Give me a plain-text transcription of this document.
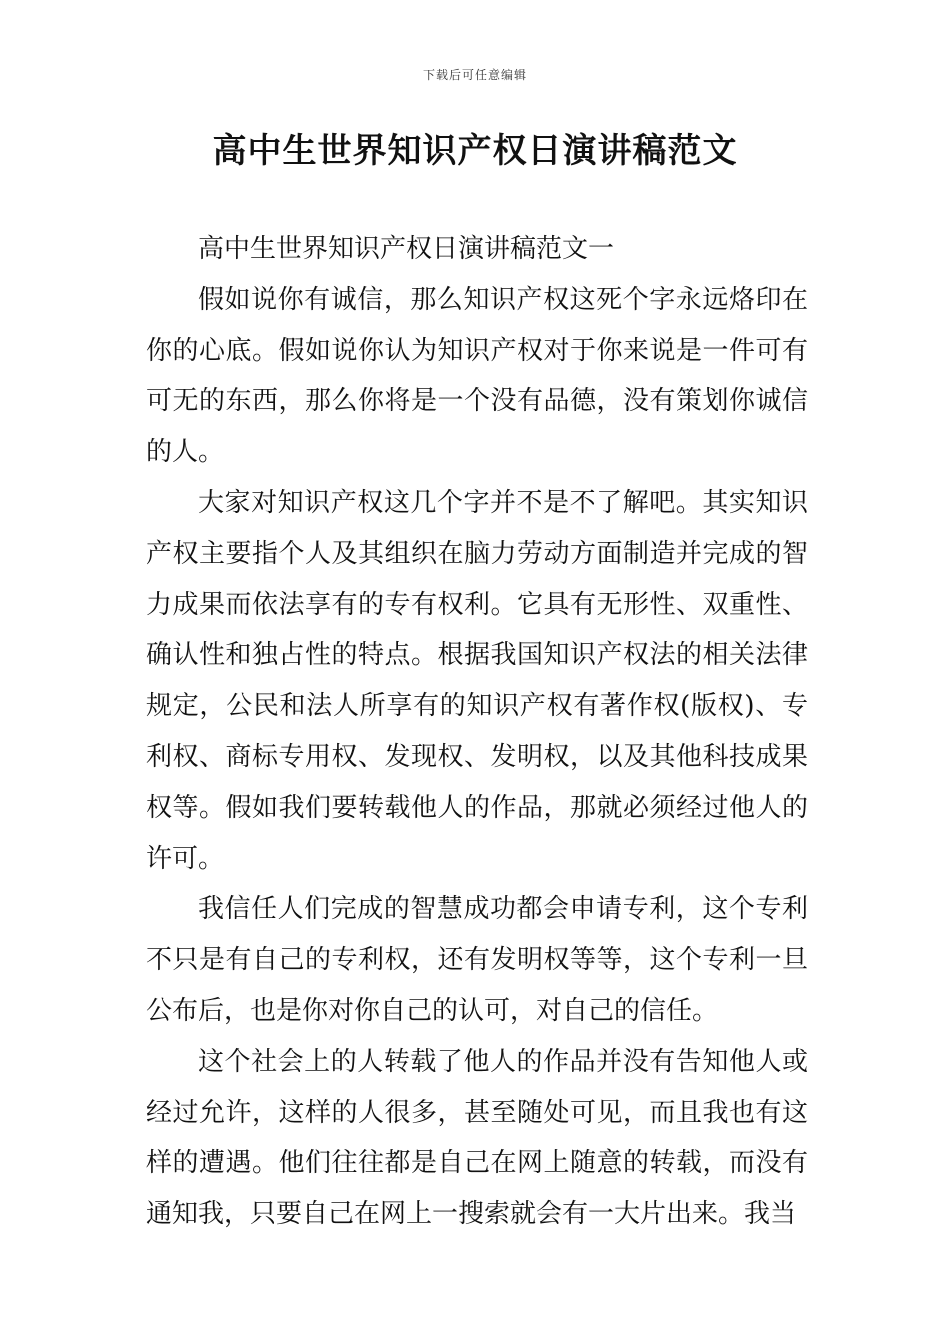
下载后可任意编辑
高中生世界知识产权日演讲稿范文

高中生世界知识产权日演讲稿范文一

假如说你有诚信，那么知识产权这死个字永远烙印在你的心底。假如说你认为知识产权对于你来说是一件可有可无的东西，那么你将是一个没有品德，没有策划你诚信的人。

大家对知识产权这几个字并不是不了解吧。其实知识产权主要指个人及其组织在脑力劳动方面制造并完成的智力成果而依法享有的专有权利。它具有无形性、双重性、确认性和独占性的特点。根据我国知识产权法的相关法律规定，公民和法人所享有的知识产权有著作权(版权)、专利权、商标专用权、发现权、发明权，以及其他科技成果权等。假如我们要转载他人的作品，那就必须经过他人的许可。

我信任人们完成的智慧成功都会申请专利，这个专利不只是有自己的专利权，还有发明权等等，这个专利一旦公布后，也是你对你自己的认可，对自己的信任。

这个社会上的人转载了他人的作品并没有告知他人或经过允许，这样的人很多，甚至随处可见，而且我也有这样的遭遇。他们往往都是自己在网上随意的转载，而没有通知我，只要自己在网上一搜索就会有一大片出来。我当
